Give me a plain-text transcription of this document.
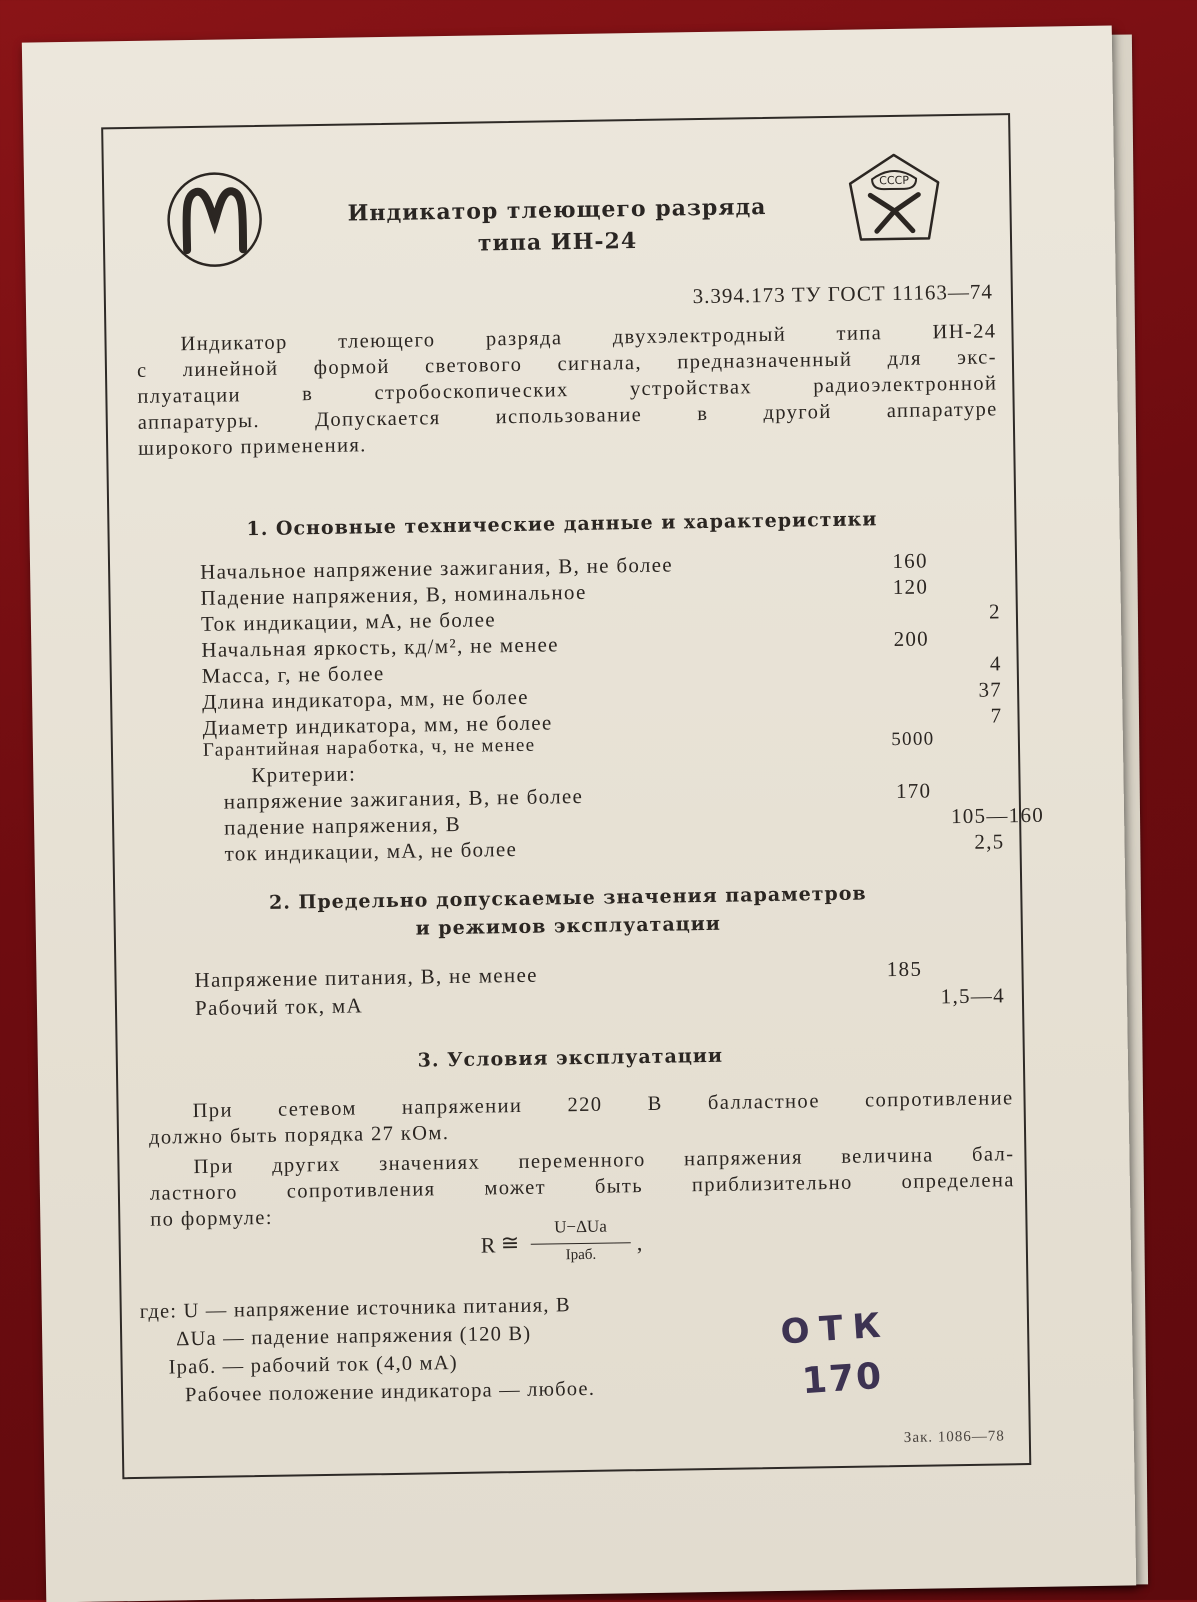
СССР
Индикатор тлеющего разряда
типа ИН-24
3.394.173 ТУ ГОСТ 11163—74
Индикатор тлеющего разряда двухэлектродный типа ИН-24
с линейной формой светового сигнала, предназначенный для экс-
плуатации в стробоскопических устройствах радиоэлектронной
аппаратуры. Допускается использование в другой аппаратуре
широкого применения.
1. Основные технические данные и характеристики
Начальное напряжение зажигания, В, не более	160
Падение напряжения, В, номинальное	120
Ток индикации, мА, не более	2
Начальная яркость, кд/м², не менее	200
Масса, г, не более	4
Длина индикатора, мм, не более	37
Диаметр индикатора, мм, не более	7
Гарантийная наработка, ч, не менее	5000
Критерии:
напряжение зажигания, В, не более	170
падение напряжения, В	105—160
ток индикации, мА, не более	2,5
2. Предельно допускаемые значения параметров
и режимов эксплуатации
Напряжение питания, В, не менее	185
Рабочий ток, мА	1,5—4
3. Условия эксплуатации
При сетевом напряжении 220 В балластное сопротивление
должно быть порядка 27 кОм.
При других значениях переменного напряжения величина бал-
ластного сопротивления может быть приблизительно определена
по формуле:
R ≅
U−ΔUa
Iраб.	,
где: U — напряжение источника питания, В
ΔUa — падение напряжения (120 В)
Iраб. — рабочий ток (4,0 мА)
Рабочее положение индикатора — любое.
ОТК
170
Зак. 1086—78
